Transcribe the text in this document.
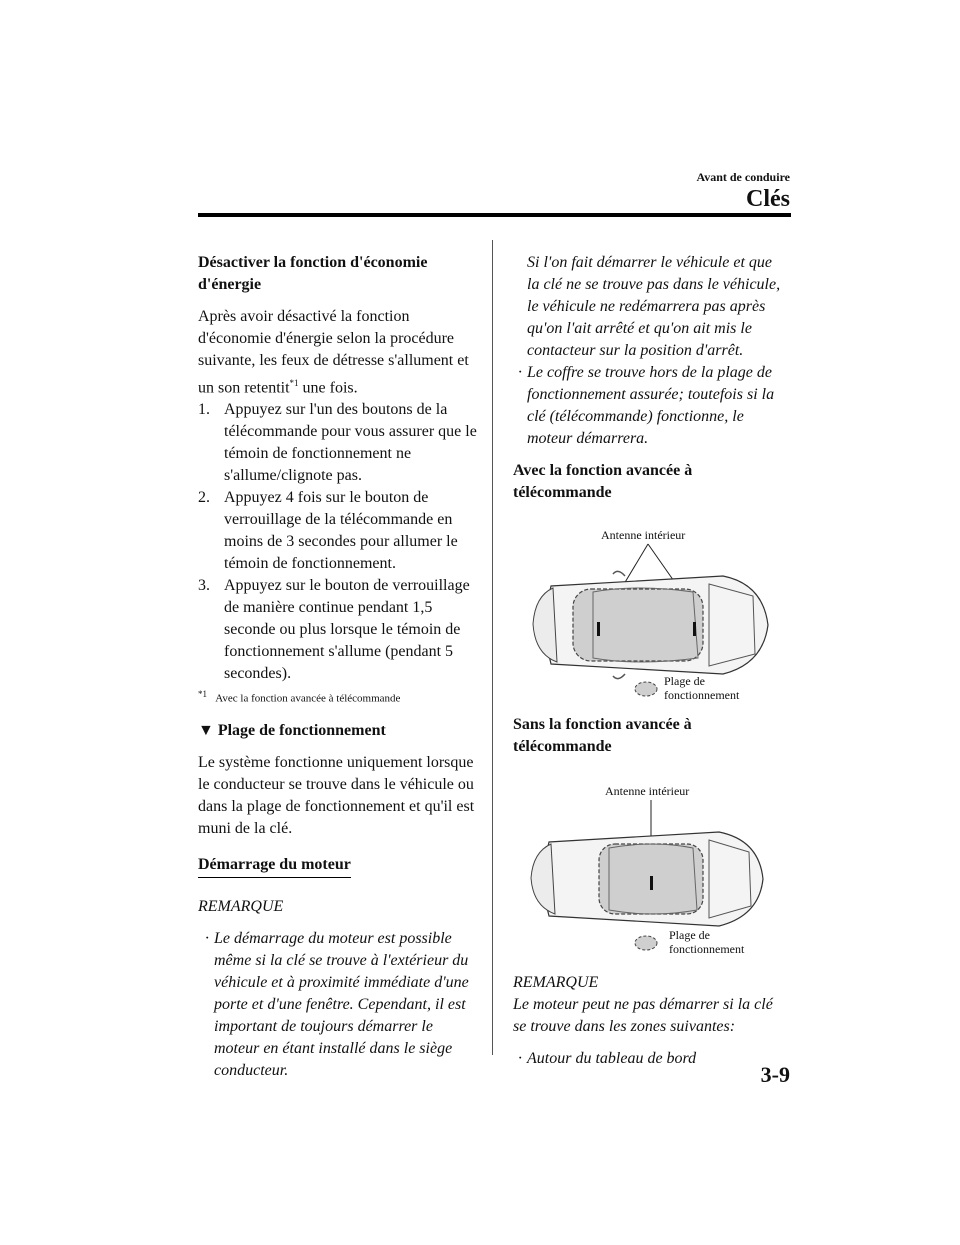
Avant de conduire
Clés

Désactiver la fonction d'économie d'énergie

Après avoir désactivé la fonction d'économie d'énergie selon la procédure suivante, les feux de détresse s'allument et un son retentit$^{*1}$ une fois.

1. Appuyez sur l'un des boutons de la télécommande pour vous assurer que le témoin de fonctionnement ne s'allume/clignote pas.
2. Appuyez 4 fois sur le bouton de verrouillage de la télécommande en moins de 3 secondes pour allumer le témoin de fonctionnement.
3. Appuyez sur le bouton de verrouillage de manière continue pendant 1,5 seconde ou plus lorsque le témoin de fonctionnement s'allume (pendant 5 secondes).

$^{*1}$ Avec la fonction avancée à télécommande

▼ Plage de fonctionnement

Le système fonctionne uniquement lorsque le conducteur se trouve dans le véhicule ou dans la plage de fonctionnement et qu'il est muni de la clé.

Démarrage du moteur

REMARQUE

· Le démarrage du moteur est possible même si la clé se trouve à l'extérieur du véhicule et à proximité immédiate d'une porte et d'une fenêtre. Cependant, il est important de toujours démarrer le moteur en étant installé dans le siège conducteur.

Si l'on fait démarrer le véhicule et que la clé ne se trouve pas dans le véhicule, le véhicule ne redémarrera pas après qu'on l'ait arrêté et qu'on ait mis le contacteur sur la position d'arrêt.

· Le coffre se trouve hors de la plage de fonctionnement assurée; toutefois si la clé (télécommande) fonctionne, le moteur démarrera.

Avec la fonction avancée à télécommande

Antenne intérieur
Plage de
fonctionnement

Sans la fonction avancée à télécommande

Antenne intérieur
Plage de
fonctionnement

REMARQUE

Le moteur peut ne pas démarrer si la clé se trouve dans les zones suivantes:

· Autour du tableau de bord
3-9
